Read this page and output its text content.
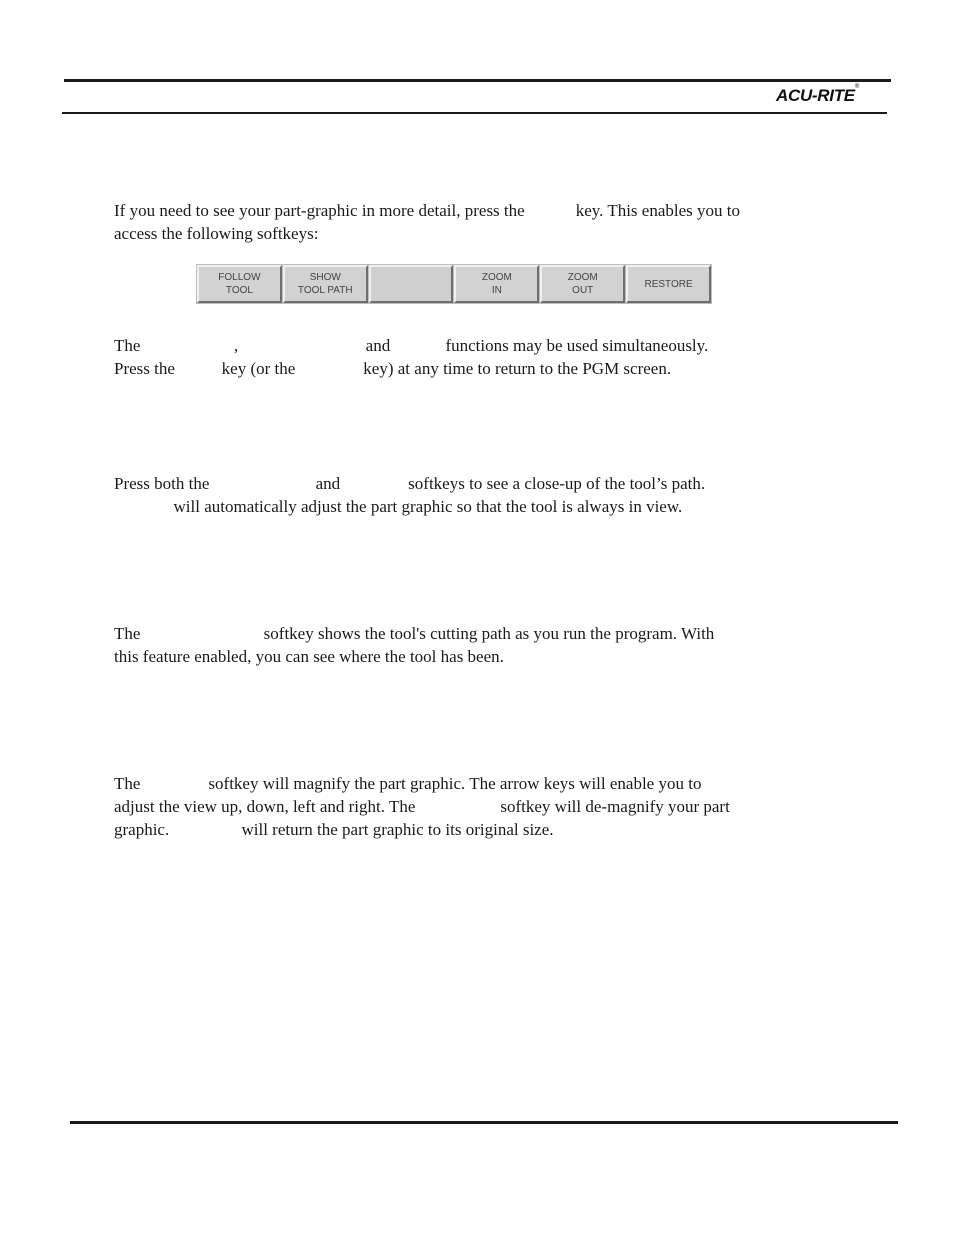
ACU-RITE®

If you need to see your part-graphic in more detail, press the            key. This enables you to
access the following softkeys:

FOLLOW
TOOL
SHOW
TOOL PATH
ZOOM
IN
ZOOM
OUT
RESTORE

The                      ,                              and             functions may be used simultaneously.
Press the           key (or the                key) at any time to return to the PGM screen.

Press both the                         and                softkeys to see a close-up of the tool’s path.
will automatically adjust the part graphic so that the tool is always in view.

The                             softkey shows the tool's cutting path as you run the program. With
this feature enabled, you can see where the tool has been.

The                softkey will magnify the part graphic. The arrow keys will enable you to
adjust the view up, down, left and right. The                    softkey will de-magnify your part
graphic.                 will return the part graphic to its original size.
